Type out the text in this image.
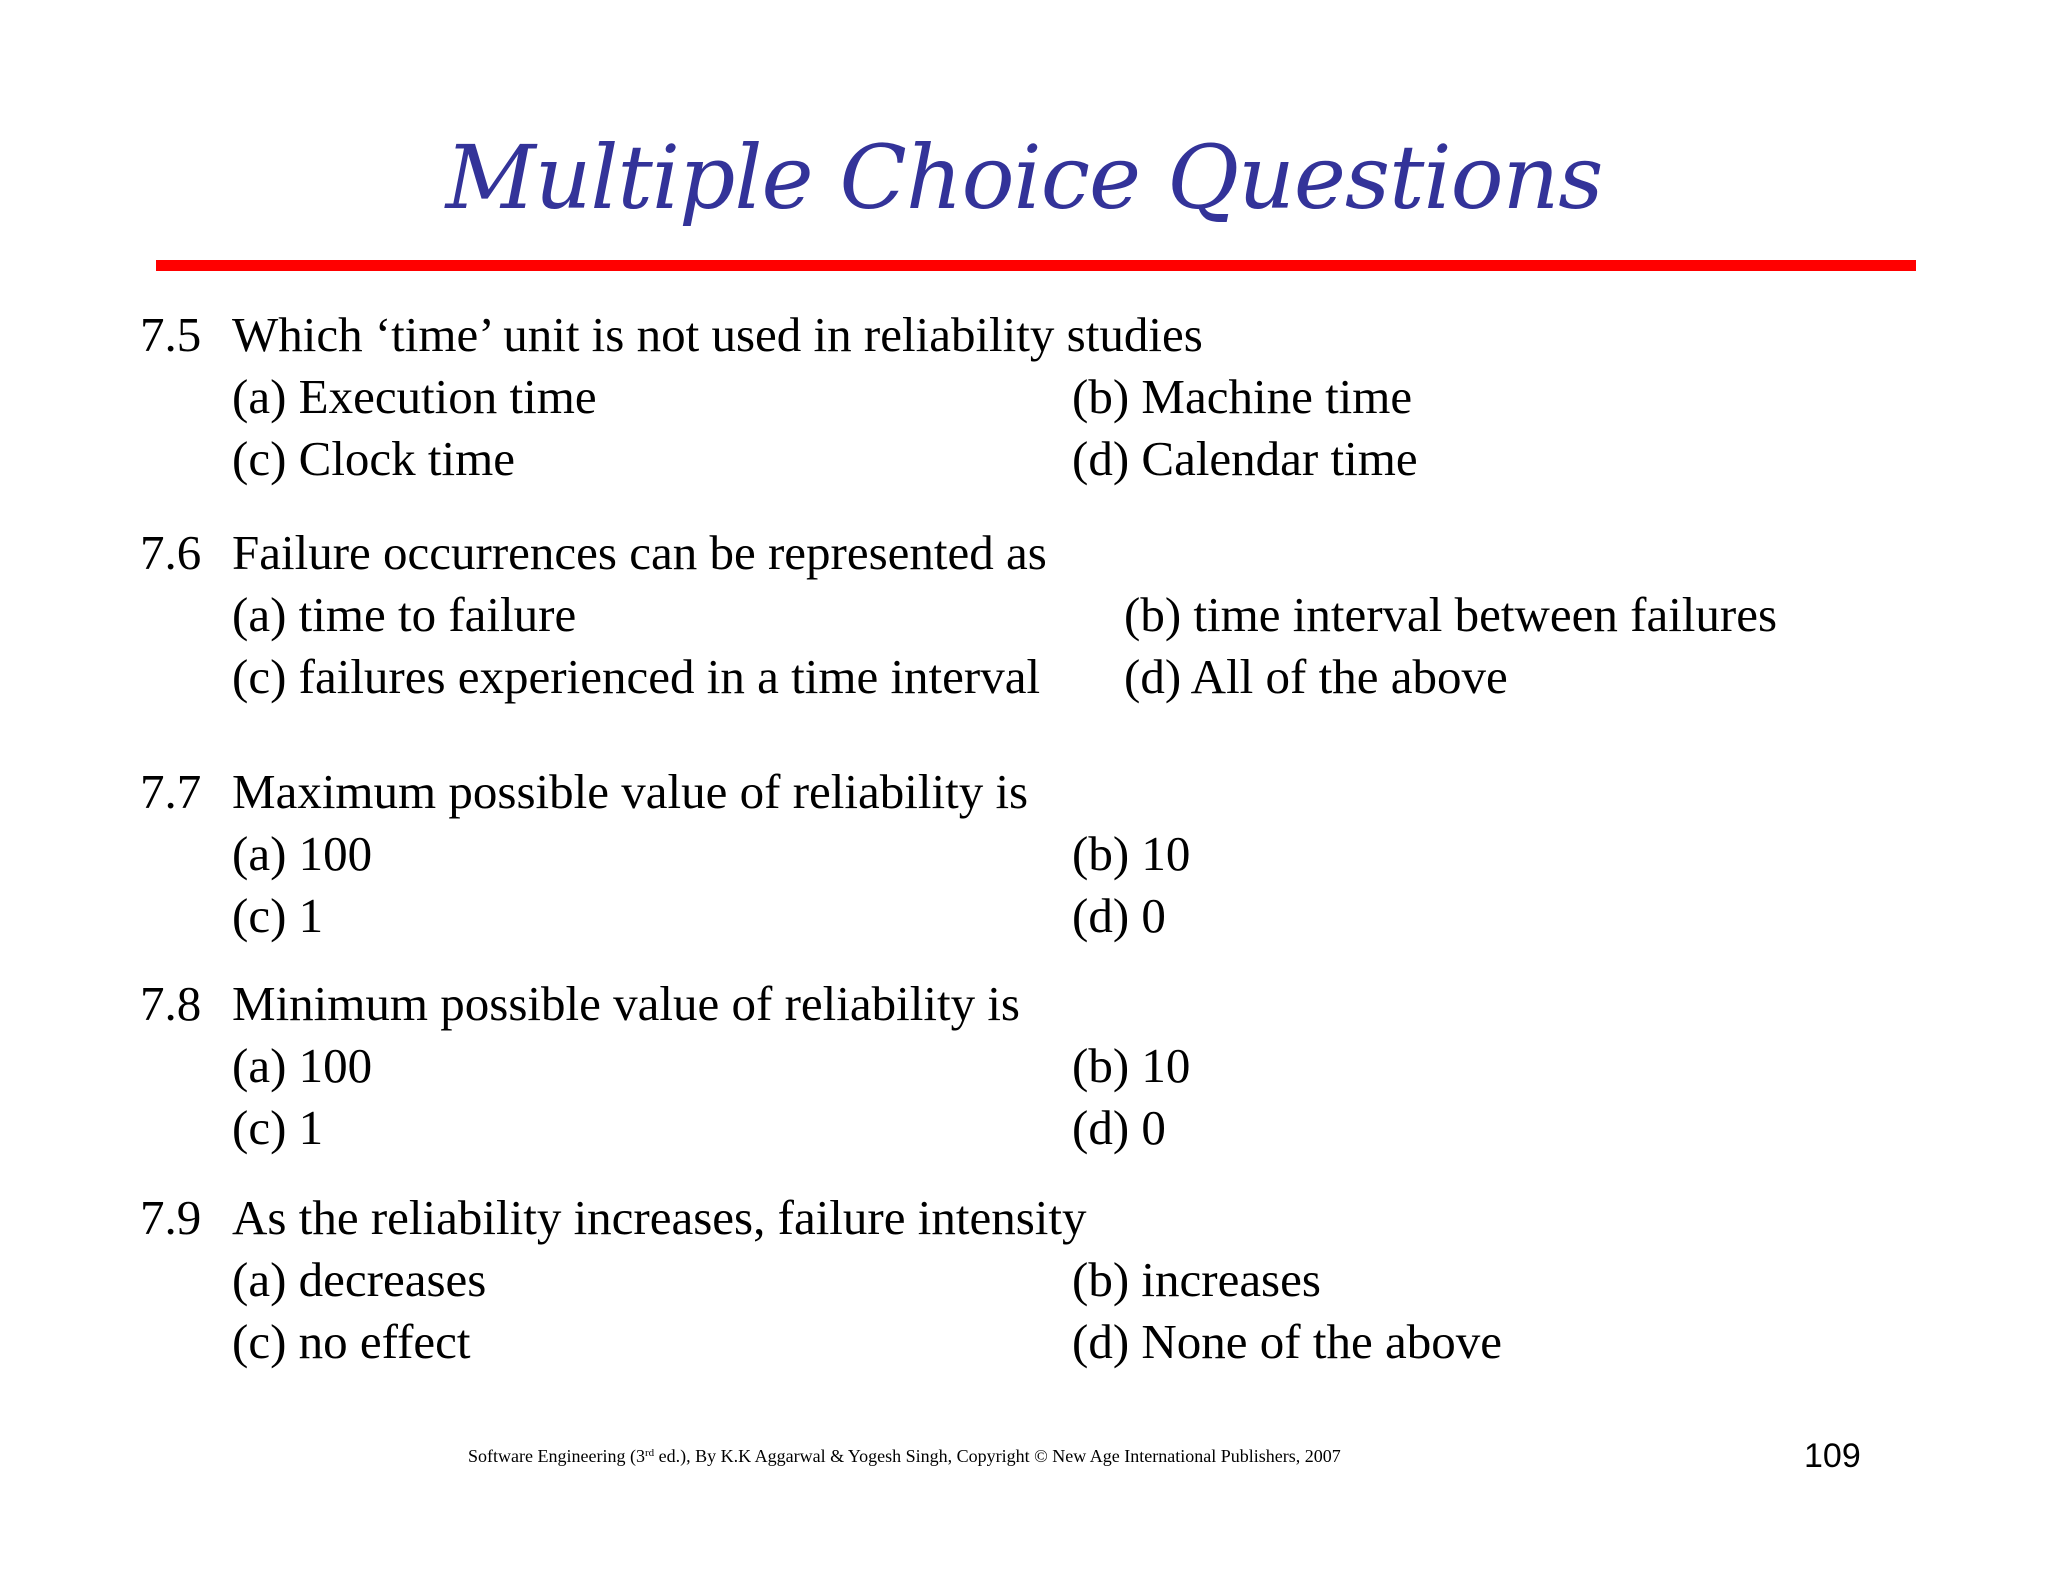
Multiple Choice Questions
7.5 Which ‘time’ unit is not used in reliability studies
(a) Execution time	(b) Machine time
(c) Clock time	(d) Calendar time
7.6 Failure occurrences can be represented as
(a) time to failure	(b) time interval between failures
(c) failures experienced in a time interval (d) All of the above
7.7 Maximum possible value of reliability is
(a) 100	(b) 10
(c) 1	(d) 0
7.8 Minimum possible value of reliability is
(a) 100	(b) 10
(c) 1	(d) 0
7.9 As the reliability increases, failure intensity
(a) decreases	(b) increases
(c) no effect	(d) None of the above
Software Engineering (3rd ed.), By K.K Aggarwal & Yogesh Singh, Copyright © New Age International Publishers, 2007	109
